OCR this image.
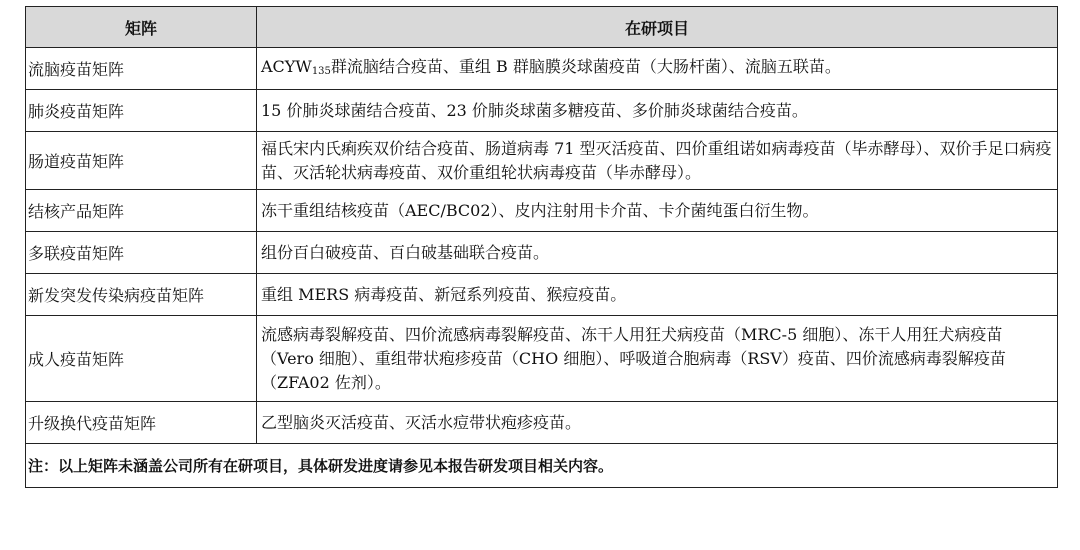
矩阵	在研项目
流脑疫苗矩阵	ACYW135群流脑结合疫苗、重组 B 群脑膜炎球菌疫苗（大肠杆菌）、流脑五联苗。
肺炎疫苗矩阵	15 价肺炎球菌结合疫苗、23 价肺炎球菌多糖疫苗、多价肺炎球菌结合疫苗。
肠道疫苗矩阵	福氏宋内氏痢疾双价结合疫苗、肠道病毒 71 型灭活疫苗、四价重组诺如病毒疫苗（毕赤酵母）、双价手足口病疫苗、灭活轮状病毒疫苗、双价重组轮状病毒疫苗（毕赤酵母）。
结核产品矩阵	冻干重组结核疫苗（AEC/BC02）、皮内注射用卡介苗、卡介菌纯蛋白衍生物。
多联疫苗矩阵	组份百白破疫苗、百白破基础联合疫苗。
新发突发传染病疫苗矩阵	重组 MERS 病毒疫苗、新冠系列疫苗、猴痘疫苗。
成人疫苗矩阵	流感病毒裂解疫苗、四价流感病毒裂解疫苗、冻干人用狂犬病疫苗（MRC-5 细胞）、冻干人用狂犬病疫苗（Vero 细胞）、重组带状疱疹疫苗（CHO 细胞）、呼吸道合胞病毒（RSV）疫苗、四价流感病毒裂解疫苗（ZFA02 佐剂）。
升级换代疫苗矩阵	乙型脑炎灭活疫苗、灭活水痘带状疱疹疫苗。
注：以上矩阵未涵盖公司所有在研项目，具体研发进度请参见本报告研发项目相关内容。	
